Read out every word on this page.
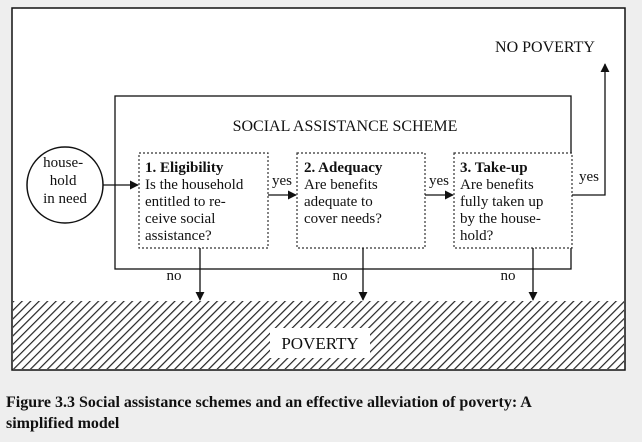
POVERTY
NO POVERTY
SOCIAL ASSISTANCE SCHEME
house- hold in need
1. Eligibility Is the household entitled to re- ceive social assistance?
2. Adequacy Are benefits adequate to cover needs?
3. Take-up Are benefits fully taken up by the house- hold?
yes	yes	yes
no	no	no
Figure 3.3 Social assistance schemes and an effective alleviation of poverty: A
simplified model
